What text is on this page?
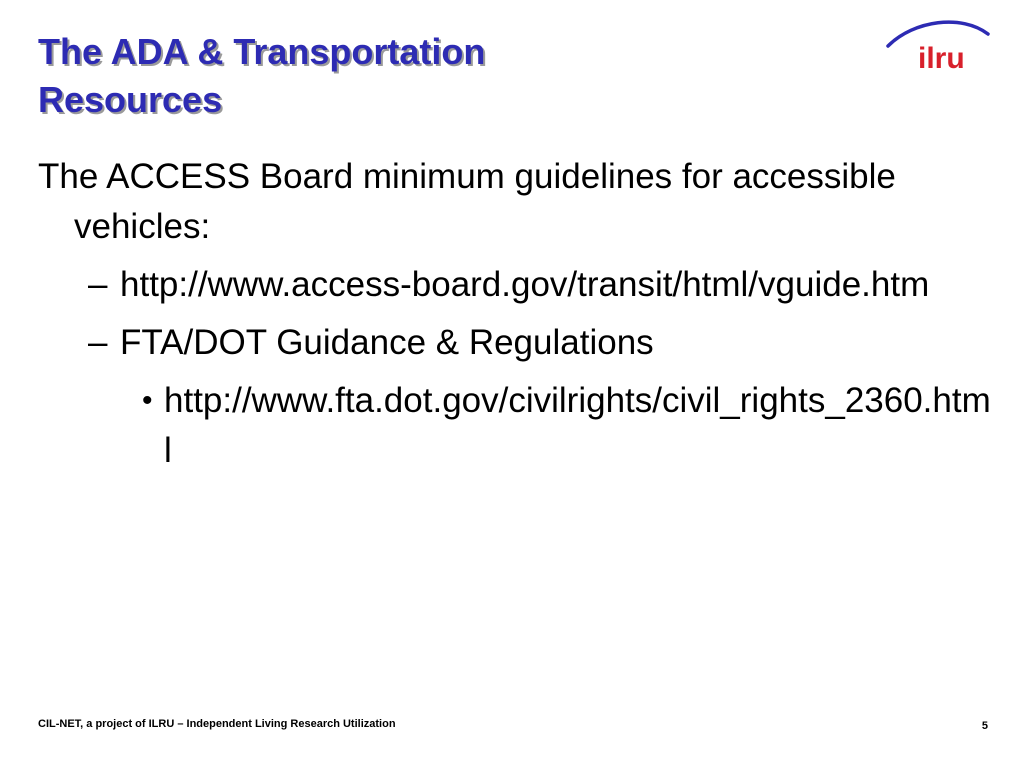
The ADA & Transportation
Resources
ilru

The ACCESS Board minimum guidelines for accessible vehicles:

– http://www.access-board.gov/transit/html/vguide.htm
– FTA/DOT Guidance & Regulations
• http://www.fta.dot.gov/civilrights/civil_rights_2360.html
CIL-NET, a project of ILRU – Independent Living Research Utilization	5
